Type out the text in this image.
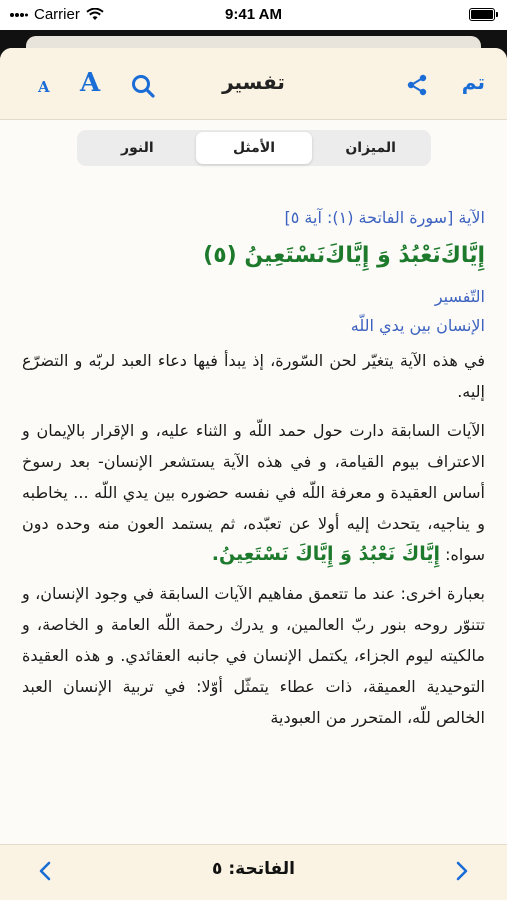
Carrier	9:41 AM
تم
تفسير
A
A
الميزان
الأمثل
النور
الآية [سورة الفاتحة (١): آية ٥]
إِيَّاكَ‌نَعْبُدُ وَ إِيَّاكَ‌نَسْتَعِينُ (٥)
التّفسير
الإنسان بين يدي اللّه

في هذه الآية يتغيّر لحن السّورة، إذ يبدأ فيها دعاء العبد لربّه و التضرّع إليه.

الآيات السابقة دارت حول حمد اللّه و الثناء عليه، و الإقرار بالإيمان و الاعتراف بيوم القيامة، و في هذه الآية يستشعر الإنسان- بعد رسوخ أساس العقيدة و معرفة اللّه في نفسه حضوره بين يدي اللّه ... يخاطبه و يناجيه، يتحدث إليه أولا عن تعبّده، ثم يستمد العون منه وحده دون سواه: إِيَّاكَ نَعْبُدُ وَ إِيَّاكَ نَسْتَعِينُ.

بعبارة اخرى: عند ما تتعمق مفاهيم الآيات السابقة في وجود الإنسان، و تتنوّر روحه بنور ربّ العالمين، و يدرك رحمة اللّه العامة و الخاصة، و مالكيته ليوم الجزاء، يكتمل الإنسان في جانبه العقائدي. و هذه العقيدة التوحيدية العميقة، ذات عطاء يتمثّل أوّلا: في تربية الإنسان العبد الخالص للّه، المتحرر من العبودية

الفاتحة: ٥
